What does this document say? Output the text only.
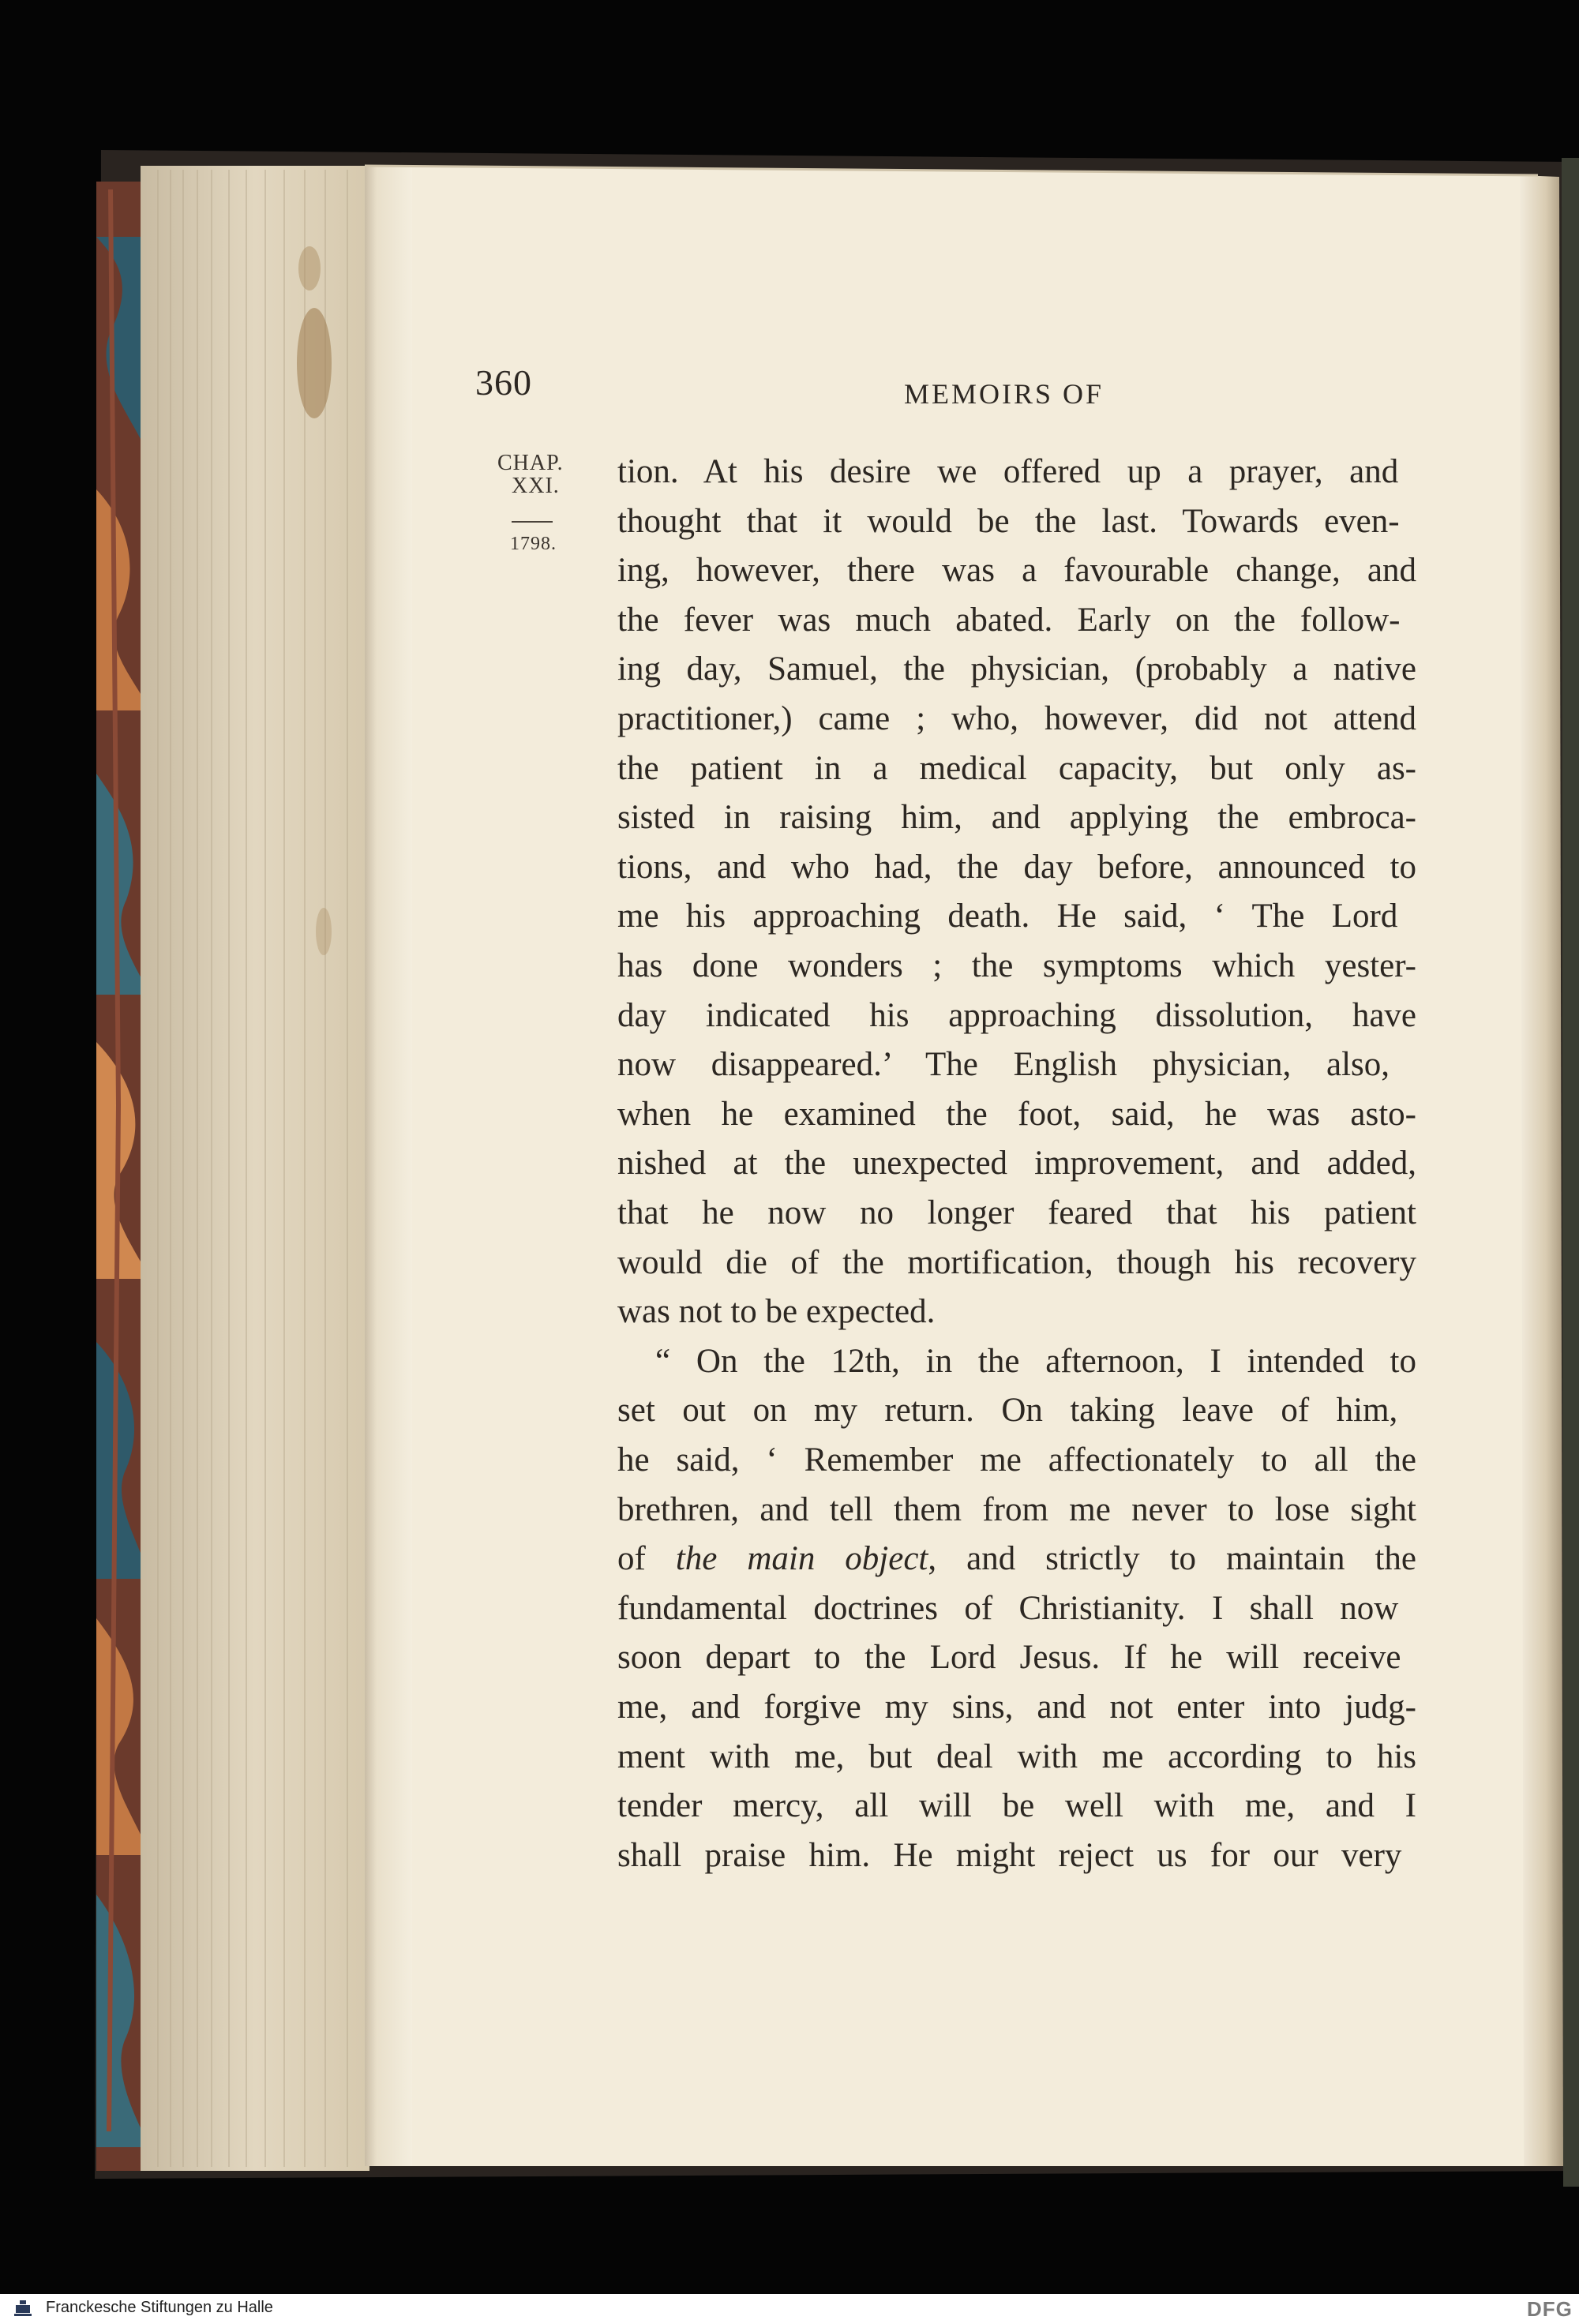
360	MEMOIRS OF
CHAP.
XXI.
1798.
tion. At his desire we offered up a prayer, and
thought that it would be the last. Towards even-
ing, however, there was a favourable change, and
the fever was much abated. Early on the follow-
ing day, Samuel, the physician, (probably a native
practitioner,) came ; who, however, did not attend
the patient in a medical capacity, but only as-
sisted in raising him, and applying the embroca-
tions, and who had, the day before, announced to
me his approaching death. He said, ‘ The Lord
has done wonders ; the symptoms which yester-
day indicated his approaching dissolution, have
now disappeared.’ The English physician, also,
when he examined the foot, said, he was asto-
nished at the unexpected improvement, and added,
that he now no longer feared that his patient
would die of the mortification, though his recovery
was not to be expected.
“ On the 12th, in the afternoon, I intended to
set out on my return. On taking leave of him,
he said, ‘ Remember me affectionately to all the
brethren, and tell them from me never to lose sight
of the main object, and strictly to maintain the
fundamental doctrines of Christianity. I shall now
soon depart to the Lord Jesus. If he will receive
me, and forgive my sins, and not enter into judg-
ment with me, but deal with me according to his
tender mercy, all will be well with me, and I
shall praise him. He might reject us for our very
Franckesche Stiftungen zu Halle	DFG
